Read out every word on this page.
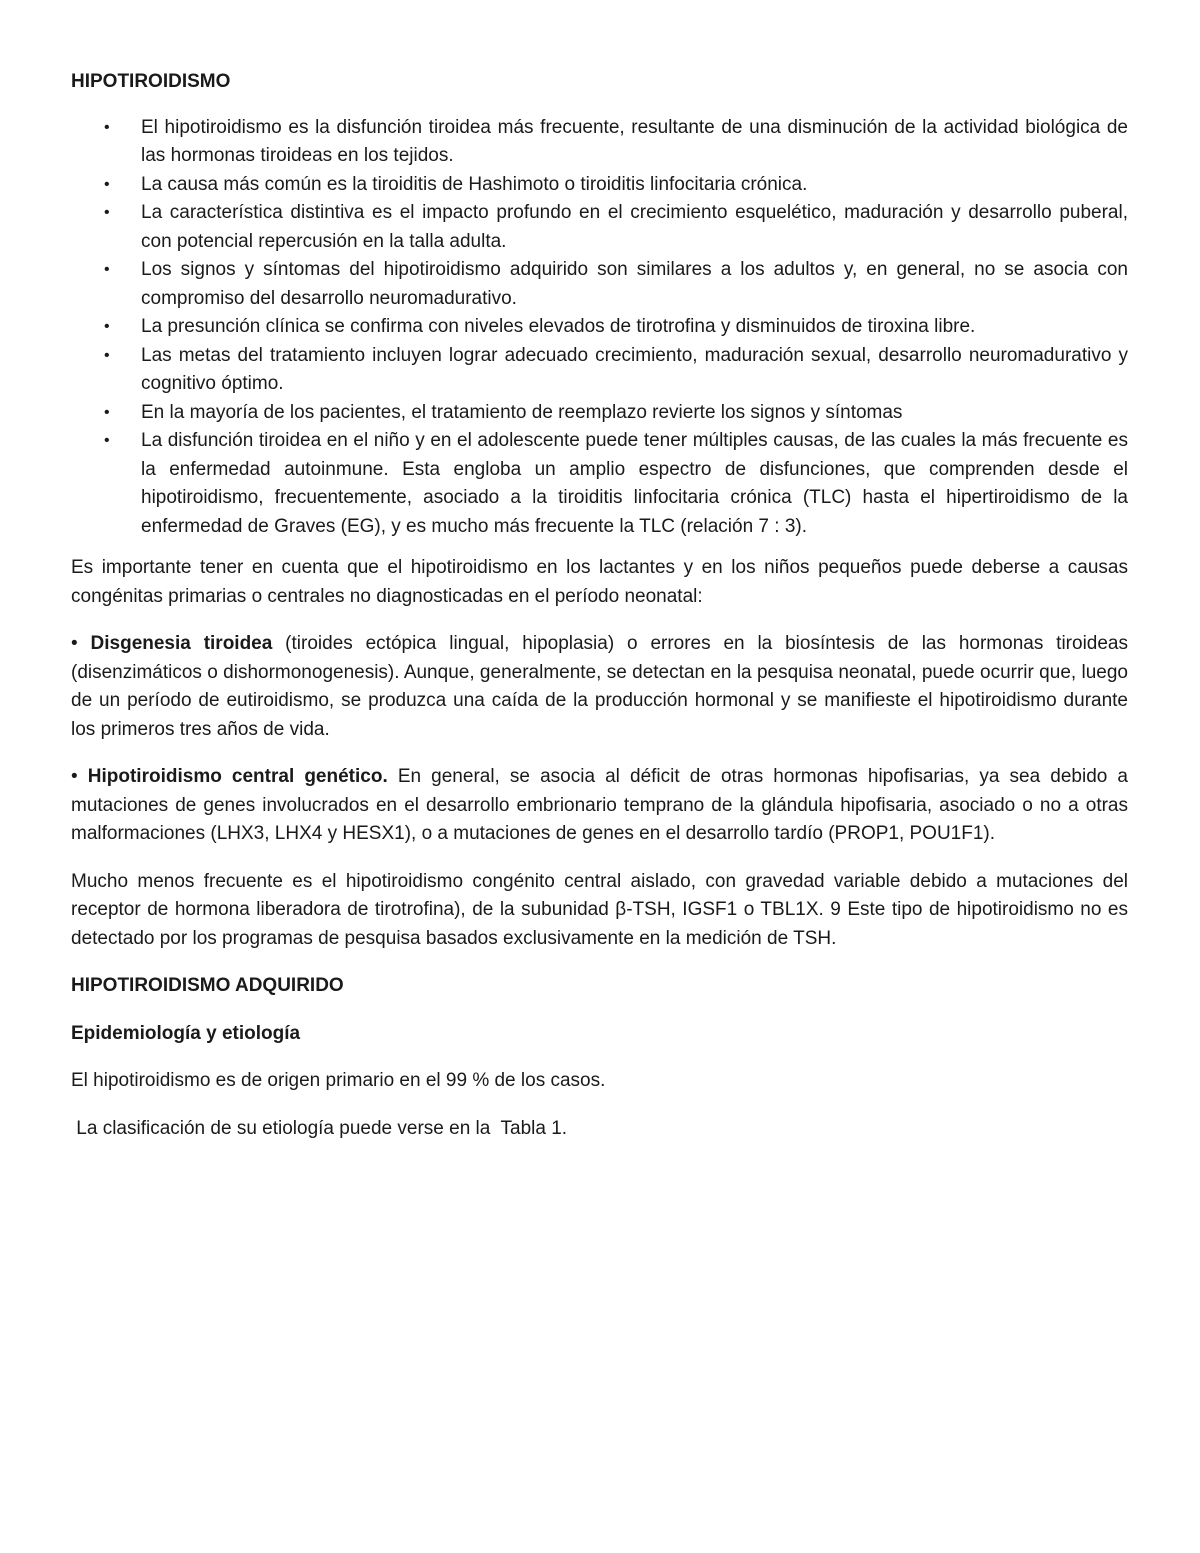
HIPOTIROIDISMO

• El hipotiroidismo es la disfunción tiroidea más frecuente, resultante de una disminución de la actividad biológica de las hormonas tiroideas en los tejidos.
• La causa más común es la tiroiditis de Hashimoto o tiroiditis linfocitaria crónica.
• La característica distintiva es el impacto profundo en el crecimiento esquelético, maduración y desarrollo puberal, con potencial repercusión en la talla adulta.
• Los signos y síntomas del hipotiroidismo adquirido son similares a los adultos y, en general, no se asocia con compromiso del desarrollo neuromadurativo.
• La presunción clínica se confirma con niveles elevados de tirotrofina y disminuidos de tiroxina libre.
• Las metas del tratamiento incluyen lograr adecuado crecimiento, maduración sexual, desarrollo neuromadurativo y cognitivo óptimo.
• En la mayoría de los pacientes, el tratamiento de reemplazo revierte los signos y síntomas
• La disfunción tiroidea en el niño y en el adolescente puede tener múltiples causas, de las cuales la más frecuente es la enfermedad autoinmune. Esta engloba un amplio espectro de disfunciones, que comprenden desde el hipotiroidismo, frecuentemente, asociado a la tiroiditis linfocitaria crónica (TLC) hasta el hipertiroidismo de la enfermedad de Graves (EG), y es mucho más frecuente la TLC (relación 7 : 3).

Es importante tener en cuenta que el hipotiroidismo en los lactantes y en los niños pequeños puede deberse a causas congénitas primarias o centrales no diagnosticadas en el período neonatal:

• Disgenesia tiroidea (tiroides ectópica lingual, hipoplasia) o errores en la biosíntesis de las hormonas tiroideas (disenzimáticos o dishormonogenesis). Aunque, generalmente, se detectan en la pesquisa neonatal, puede ocurrir que, luego de un período de eutiroidismo, se produzca una caída de la producción hormonal y se manifieste el hipotiroidismo durante los primeros tres años de vida.

• Hipotiroidismo central genético. En general, se asocia al déficit de otras hormonas hipofisarias, ya sea debido a mutaciones de genes involucrados en el desarrollo embrionario temprano de la glándula hipofisaria, asociado o no a otras malformaciones (LHX3, LHX4 y HESX1), o a mutaciones de genes en el desarrollo tardío (PROP1, POU1F1).

Mucho menos frecuente es el hipotiroidismo congénito central aislado, con gravedad variable debido a mutaciones del receptor de hormona liberadora de tirotrofina), de la subunidad β-TSH, IGSF1 o TBL1X. 9 Este tipo de hipotiroidismo no es detectado por los programas de pesquisa basados exclusivamente en la medición de TSH.

HIPOTIROIDISMO ADQUIRIDO

Epidemiología y etiología

El hipotiroidismo es de origen primario en el 99 % de los casos.

La clasificación de su etiología puede verse en la  Tabla 1.
